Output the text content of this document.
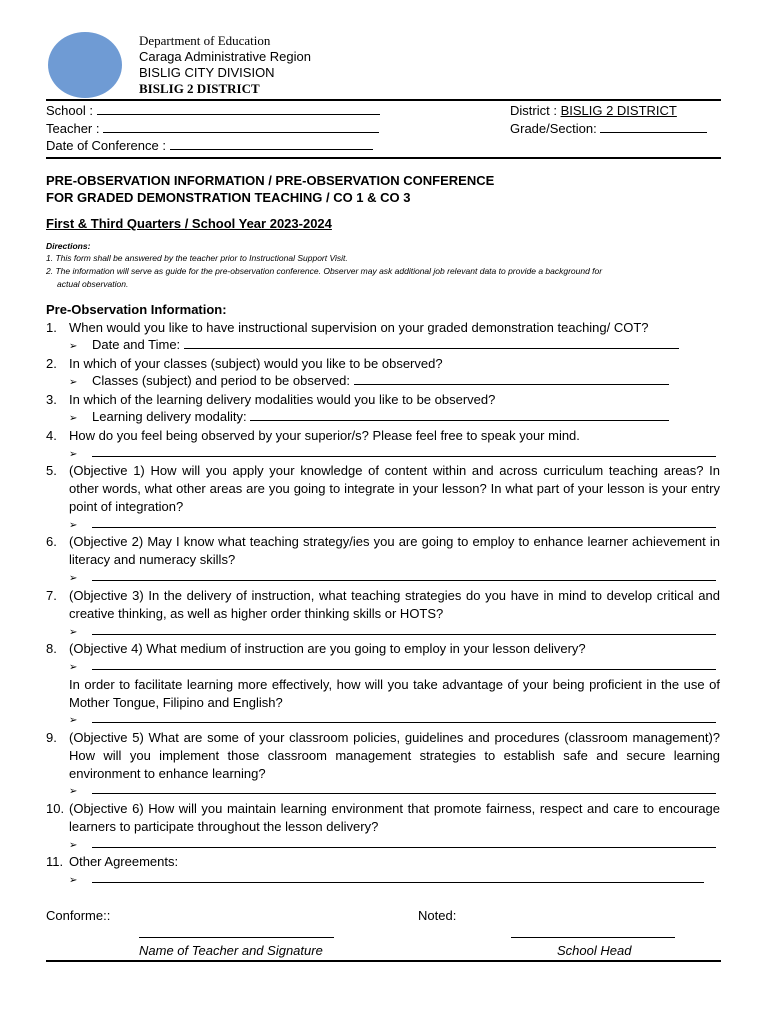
Department of Education
Caraga Administrative Region
BISLIG CITY DIVISION
BISLIG 2 DISTRICT
School :	District : BISLIG 2 DISTRICT
Teacher :	Grade/Section:
Date of Conference :
PRE-OBSERVATION INFORMATION / PRE-OBSERVATION CONFERENCE
FOR GRADED DEMONSTRATION TEACHING / CO 1 & CO 3
First & Third Quarters / School Year 2023-2024
Directions:
1. This form shall be answered by the teacher prior to Instructional Support Visit.
2. The information will serve as guide for the pre-observation conference. Observer may ask additional job relevant data to provide a background for
actual observation.
Pre-Observation Information:
1. When would you like to have instructional supervision on your graded demonstration teaching/ COT?
➢ Date and Time:
2. In which of your classes (subject) would you like to be observed?
➢ Classes (subject) and period to be observed:
3. In which of the learning delivery modalities would you like to be observed?
➢ Learning delivery modality:
4. How do you feel being observed by your superior/s? Please feel free to speak your mind.
➢
5. (Objective 1) How will you apply your knowledge of content within and across curriculum teaching areas? In other words, what other areas are you going to integrate in your lesson? In what part of your lesson is your entry point of integration?
➢
6. (Objective 2) May I know what teaching strategy/ies you are going to employ to enhance learner achievement in literacy and numeracy skills?
➢
7. (Objective 3) In the delivery of instruction, what teaching strategies do you have in mind to develop critical and creative thinking, as well as higher order thinking skills or HOTS?
➢
8. (Objective 4) What medium of instruction are you going to employ in your lesson delivery?
➢
In order to facilitate learning more effectively, how will you take advantage of your being proficient in the use of Mother Tongue, Filipino and English?
➢
9. (Objective 5) What are some of your classroom policies, guidelines and procedures (classroom management)? How will you implement those classroom management strategies to establish safe and secure learning environment to enhance learning?
➢
10. (Objective 6) How will you maintain learning environment that promote fairness, respect and care to encourage learners to participate throughout the lesson delivery?
➢
11. Other Agreements:
➢
Conforme::	Noted:
Name of Teacher and Signature	School Head
